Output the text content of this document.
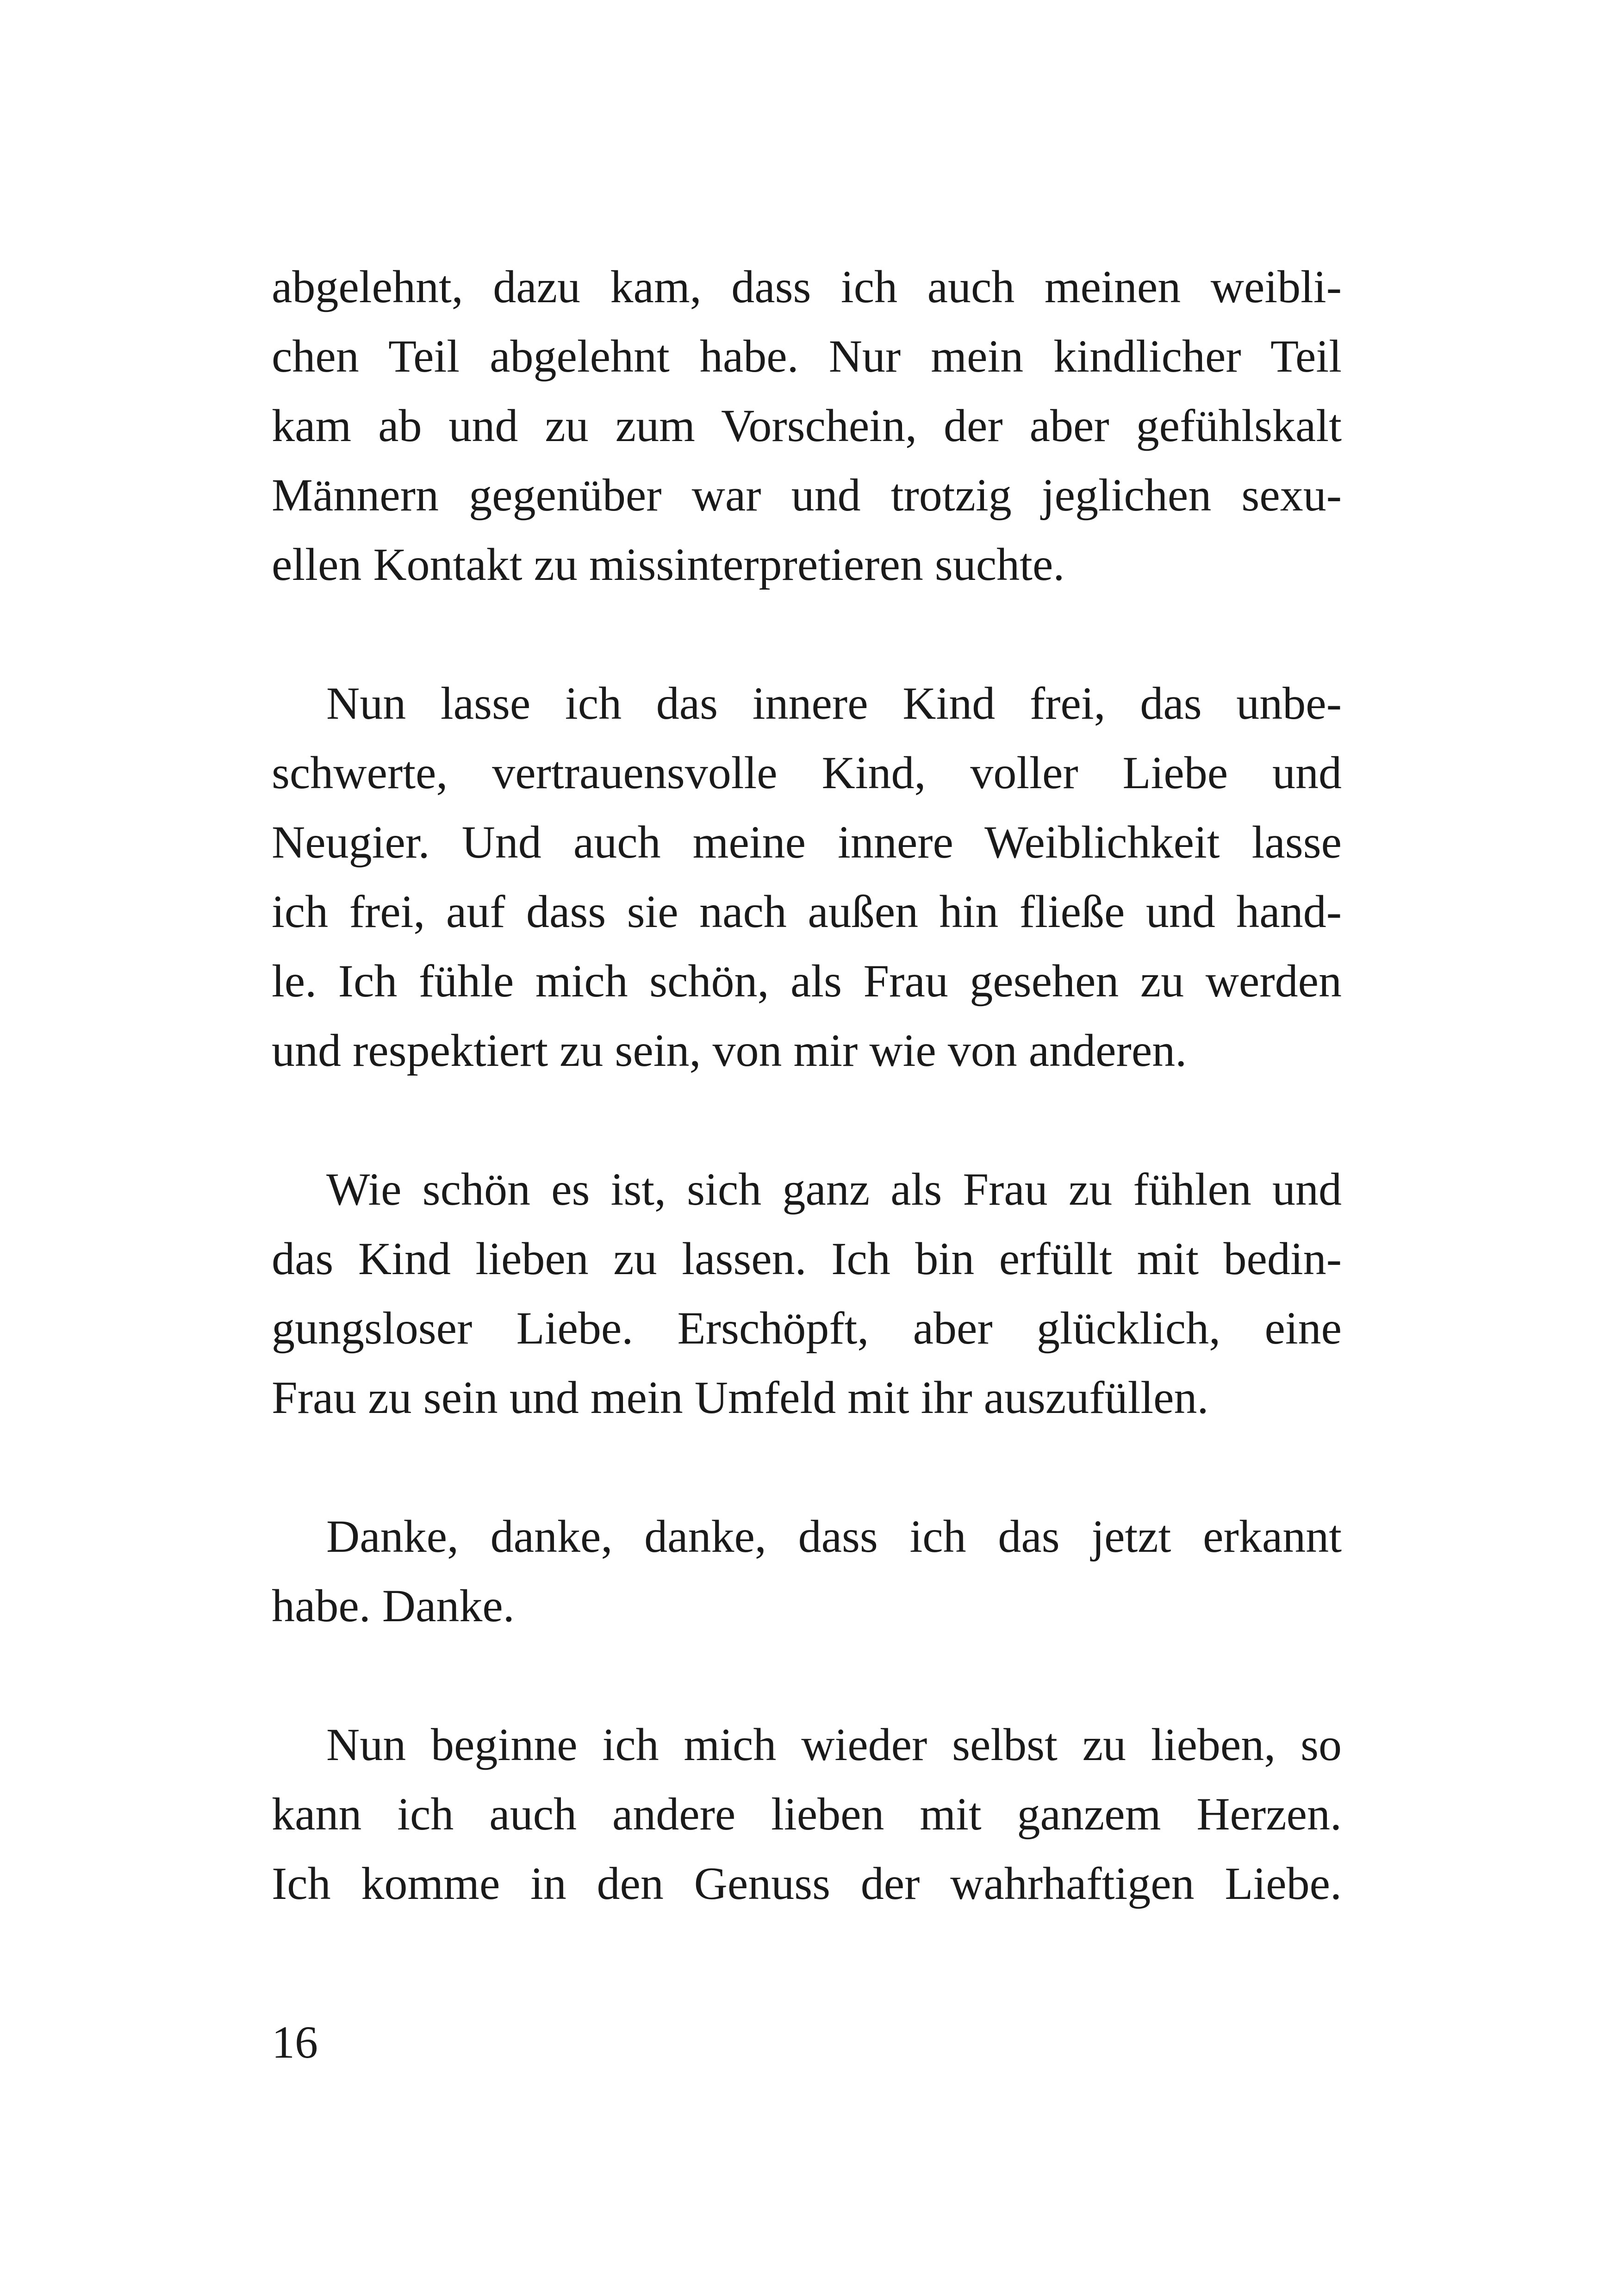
abgelehnt, dazu kam, dass ich auch meinen weibli-
chen Teil abgelehnt habe. Nur mein kindlicher Teil
kam ab und zu zum Vorschein, der aber gefühlskalt
Männern gegenüber war und trotzig jeglichen sexu-
ellen Kontakt zu missinterpretieren suchte.
Nun lasse ich das innere Kind frei, das unbe-
schwerte, vertrauensvolle Kind, voller Liebe und
Neugier. Und auch meine innere Weiblichkeit lasse
ich frei, auf dass sie nach außen hin fließe und hand-
le. Ich fühle mich schön, als Frau gesehen zu werden
und respektiert zu sein, von mir wie von anderen.
Wie schön es ist, sich ganz als Frau zu fühlen und
das Kind lieben zu lassen. Ich bin erfüllt mit bedin-
gungsloser Liebe. Erschöpft, aber glücklich, eine
Frau zu sein und mein Umfeld mit ihr auszufüllen.
Danke, danke, danke, dass ich das jetzt erkannt
habe. Danke.
Nun beginne ich mich wieder selbst zu lieben, so
kann ich auch andere lieben mit ganzem Herzen.
Ich komme in den Genuss der wahrhaftigen Liebe.
16
